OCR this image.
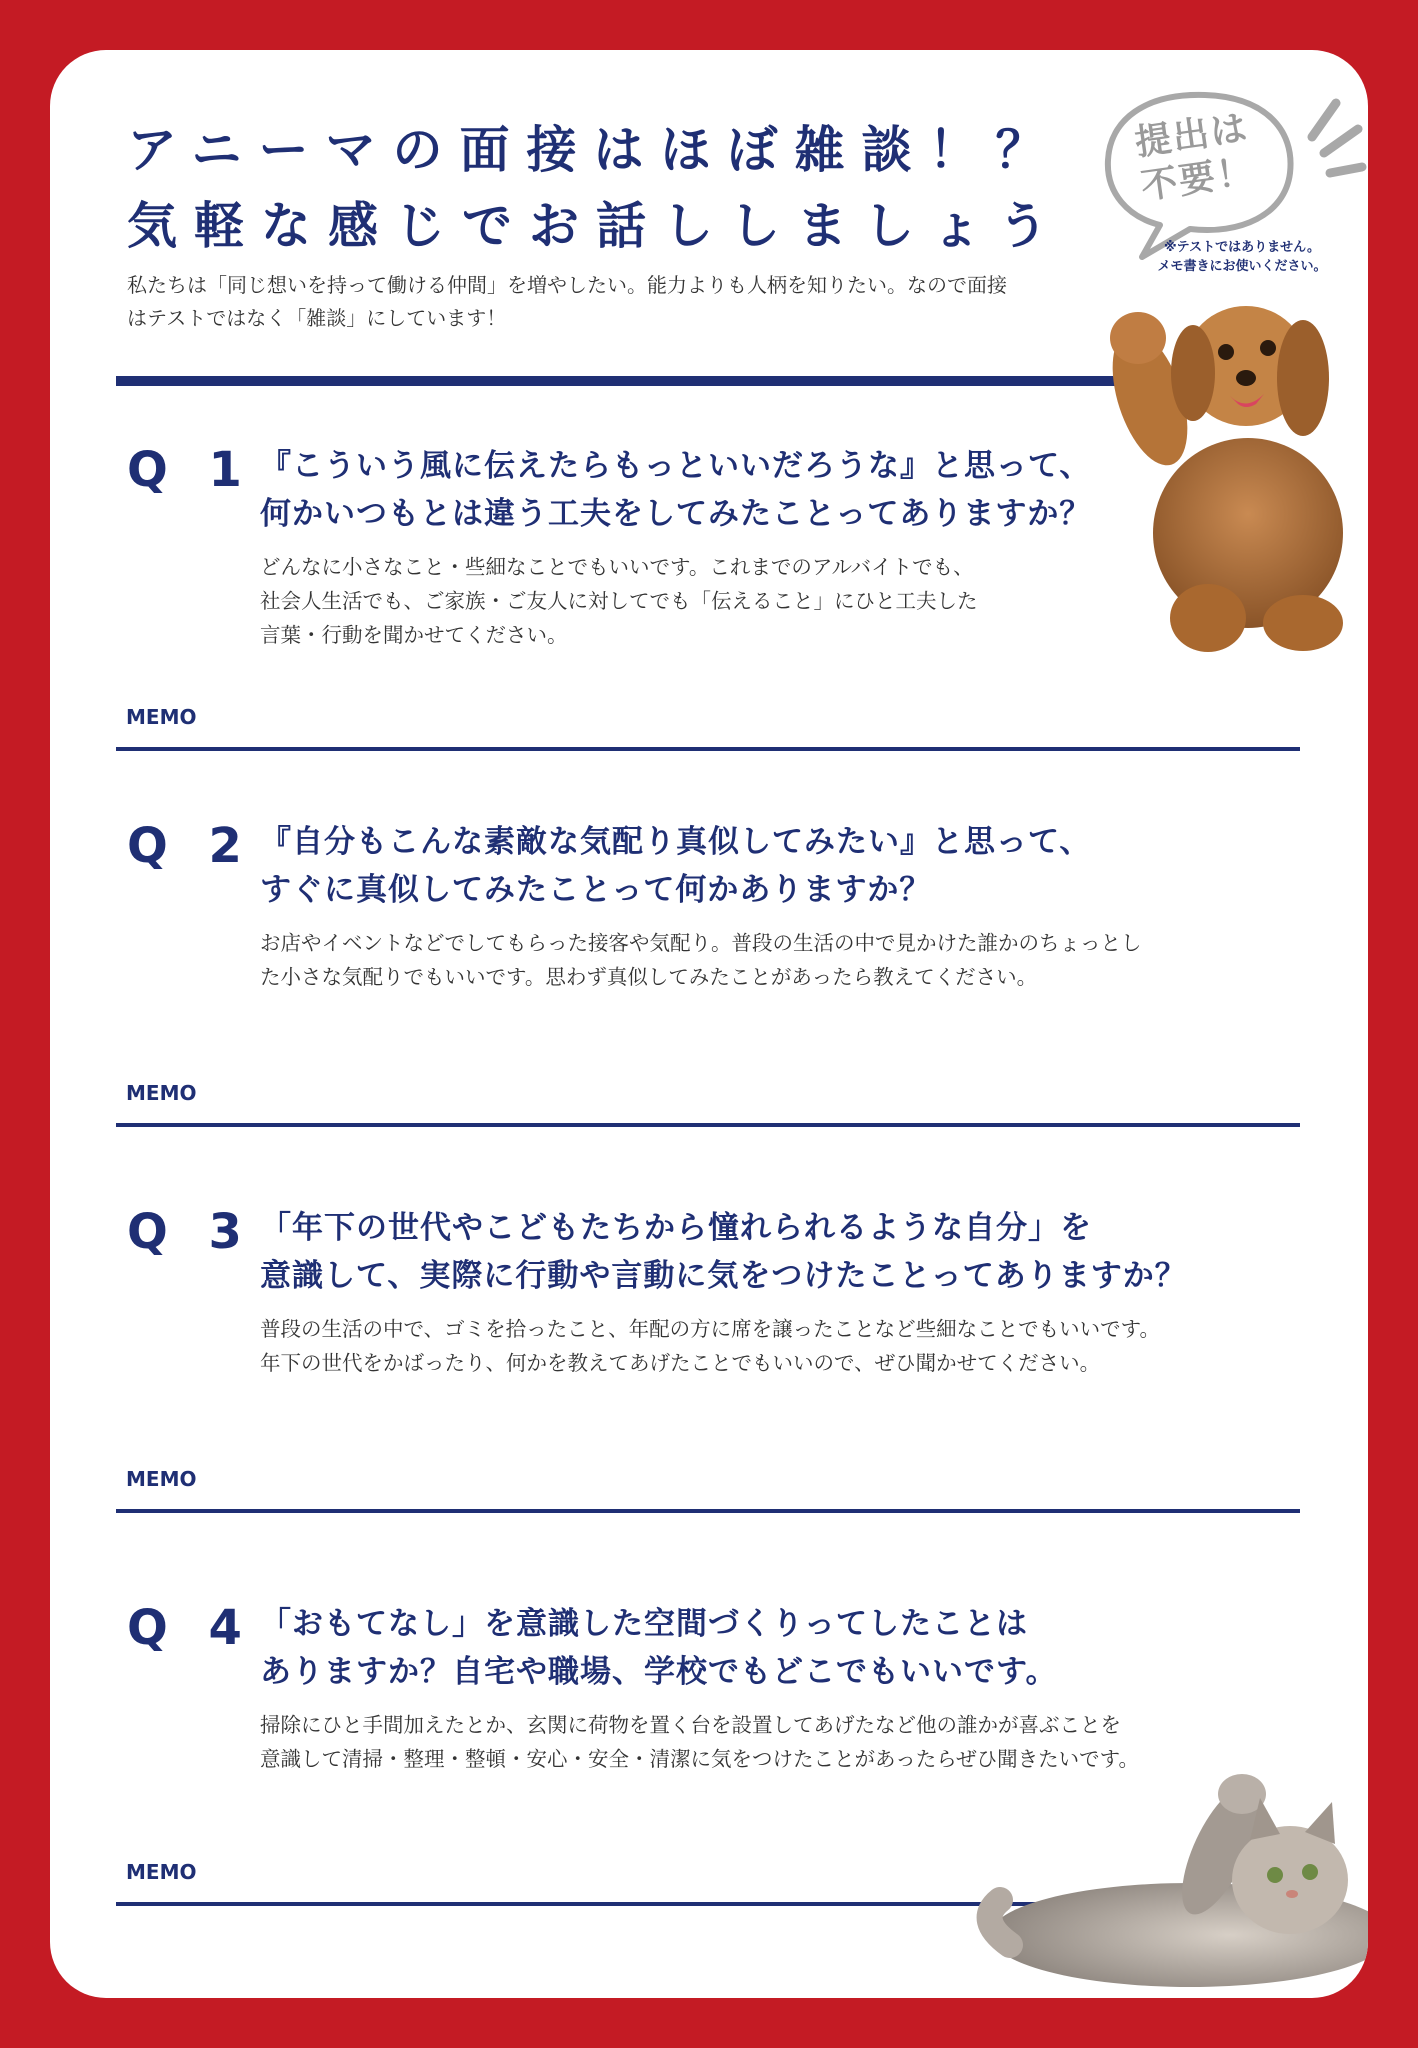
アニーマの面接はほぼ雑談！？
気軽な感じでお話ししましょう

私たちは「同じ想いを持って働ける仲間」を増やしたい。能力よりも人柄を知りたい。なので面接
はテストではなく「雑談」にしています！

提出は
不要！
※テストではありません。
メモ書きにお使いください。
Q 1 『こういう風に伝えたらもっといいだろうな』と思って、
何かいつもとは違う工夫をしてみたことってありますか？

どんなに小さなこと・些細なことでもいいです。これまでのアルバイトでも、
社会人生活でも、ご家族・ご友人に対してでも「伝えること」にひと工夫した
言葉・行動を聞かせてください。

MEMO
Q 2 『自分もこんな素敵な気配り真似してみたい』と思って、
すぐに真似してみたことって何かありますか？

お店やイベントなどでしてもらった接客や気配り。普段の生活の中で見かけた誰かのちょっとし
た小さな気配りでもいいです。思わず真似してみたことがあったら教えてください。

MEMO
Q 3 「年下の世代やこどもたちから憧れられるような自分」を
意識して、実際に行動や言動に気をつけたことってありますか？

普段の生活の中で、ゴミを拾ったこと、年配の方に席を譲ったことなど些細なことでもいいです。
年下の世代をかばったり、何かを教えてあげたことでもいいので、ぜひ聞かせてください。

MEMO
Q 4 「おもてなし」を意識した空間づくりってしたことは
ありますか？自宅や職場、学校でもどこでもいいです。

掃除にひと手間加えたとか、玄関に荷物を置く台を設置してあげたなど他の誰かが喜ぶことを
意識して清掃・整理・整頓・安心・安全・清潔に気をつけたことがあったらぜひ聞きたいです。

MEMO
